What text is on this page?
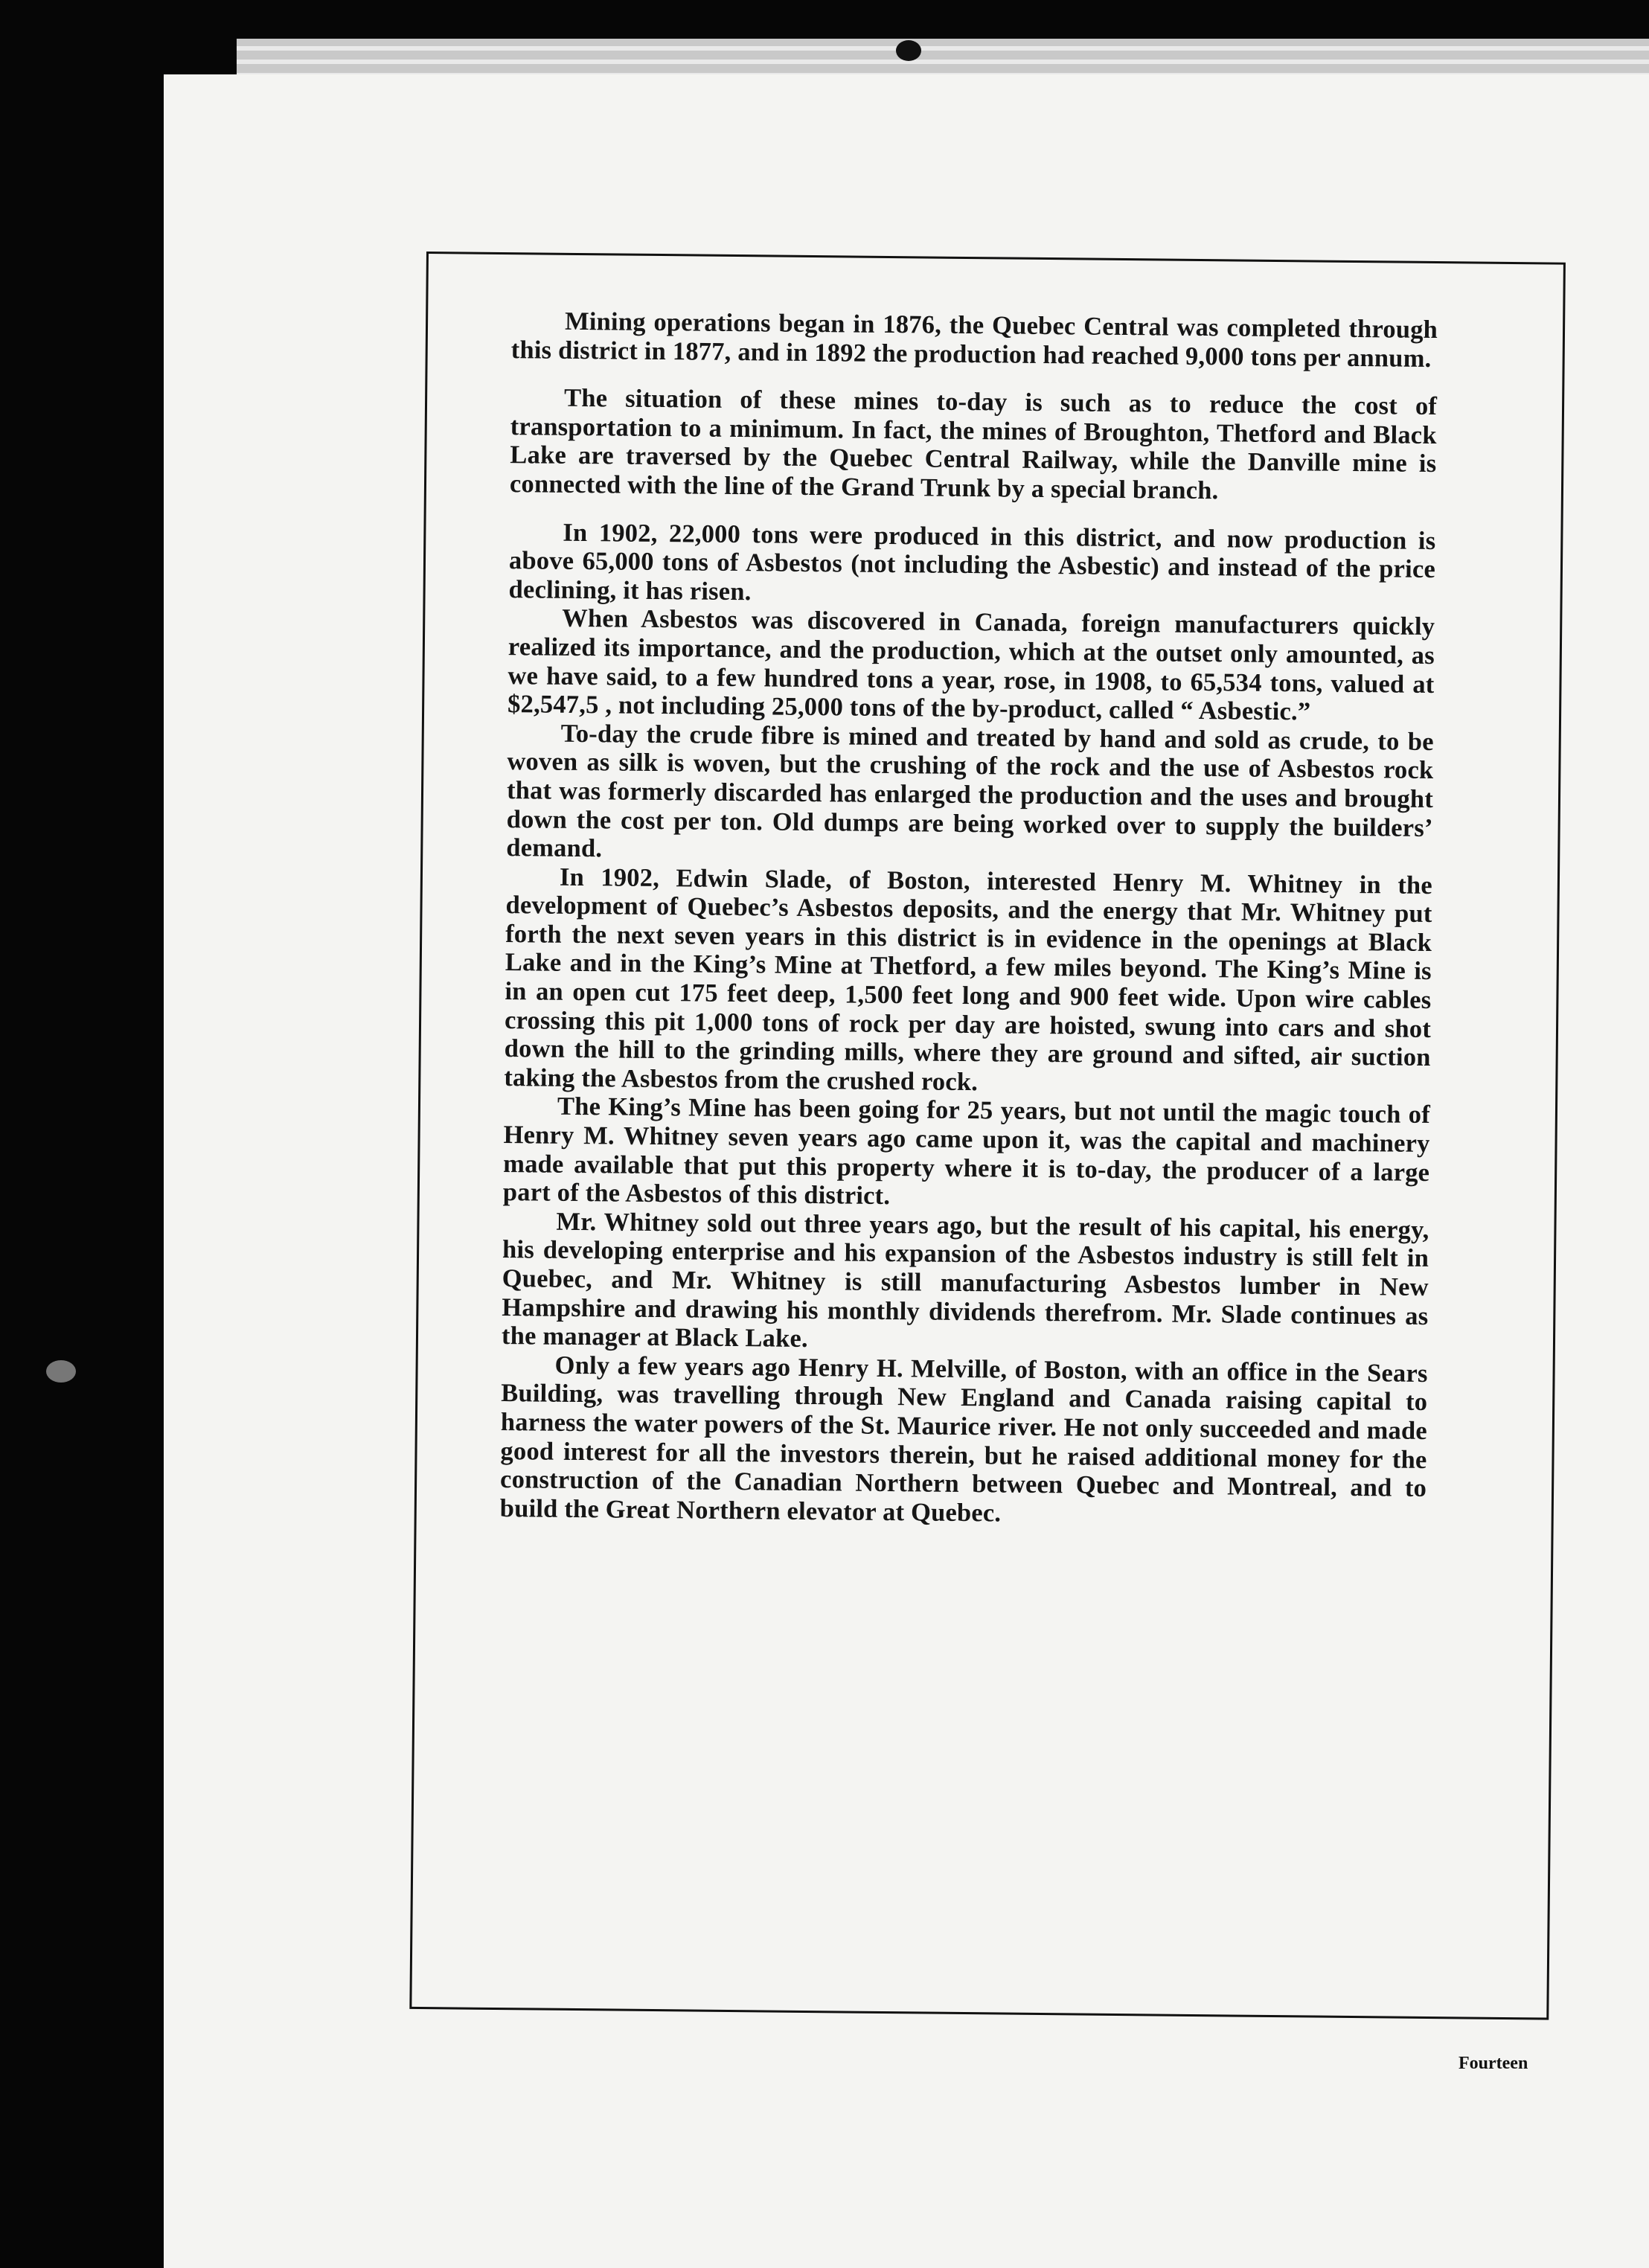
Mining operations began in 1876, the Quebec Central was completed through this district in 1877, and in 1892 the production had reached 9,000 tons per annum.

The situation of these mines to-day is such as to reduce the cost of transportation to a minimum. In fact, the mines of Broughton, Thetford and Black Lake are traversed by the Quebec Central Railway, while the Danville mine is connected with the line of the Grand Trunk by a special branch.

In 1902, 22,000 tons were produced in this district, and now production is above 65,000 tons of Asbestos (not including the Asbestic) and instead of the price declining, it has risen.

When Asbestos was discovered in Canada, foreign manufacturers quickly realized its importance, and the production, which at the outset only amounted, as we have said, to a few hundred tons a year, rose, in 1908, to 65,534 tons, valued at $2,547,5 , not including 25,000 tons of the by-product, called “ Asbestic.”

To-day the crude fibre is mined and treated by hand and sold as crude, to be woven as silk is woven, but the crushing of the rock and the use of Asbestos rock that was formerly discarded has enlarged the production and the uses and brought down the cost per ton. Old dumps are being worked over to supply the builders’ demand.

In 1902, Edwin Slade, of Boston, interested Henry M. Whitney in the development of Quebec’s Asbestos deposits, and the energy that Mr. Whitney put forth the next seven years in this district is in evidence in the openings at Black Lake and in the King’s Mine at Thetford, a few miles beyond. The King’s Mine is in an open cut 175 feet deep, 1,500 feet long and 900 feet wide. Upon wire cables crossing this pit 1,000 tons of rock per day are hoisted, swung into cars and shot down the hill to the grinding mills, where they are ground and sifted, air suction taking the Asbestos from the crushed rock.

The King’s Mine has been going for 25 years, but not until the magic touch of Henry M. Whitney seven years ago came upon it, was the capital and machinery made available that put this property where it is to-day, the producer of a large part of the Asbestos of this district.

Mr. Whitney sold out three years ago, but the result of his capital, his energy, his developing enterprise and his expansion of the Asbestos industry is still felt in Quebec, and Mr. Whitney is still manufacturing Asbestos lumber in New Hampshire and drawing his monthly dividends therefrom. Mr. Slade continues as the manager at Black Lake.

Only a few years ago Henry H. Melville, of Boston, with an office in the Sears Building, was travelling through New England and Canada raising capital to harness the water powers of the St. Maurice river. He not only succeeded and made good interest for all the investors therein, but he raised additional money for the construction of the Canadian Northern between Quebec and Montreal, and to build the Great Northern elevator at Quebec.

Fourteen
